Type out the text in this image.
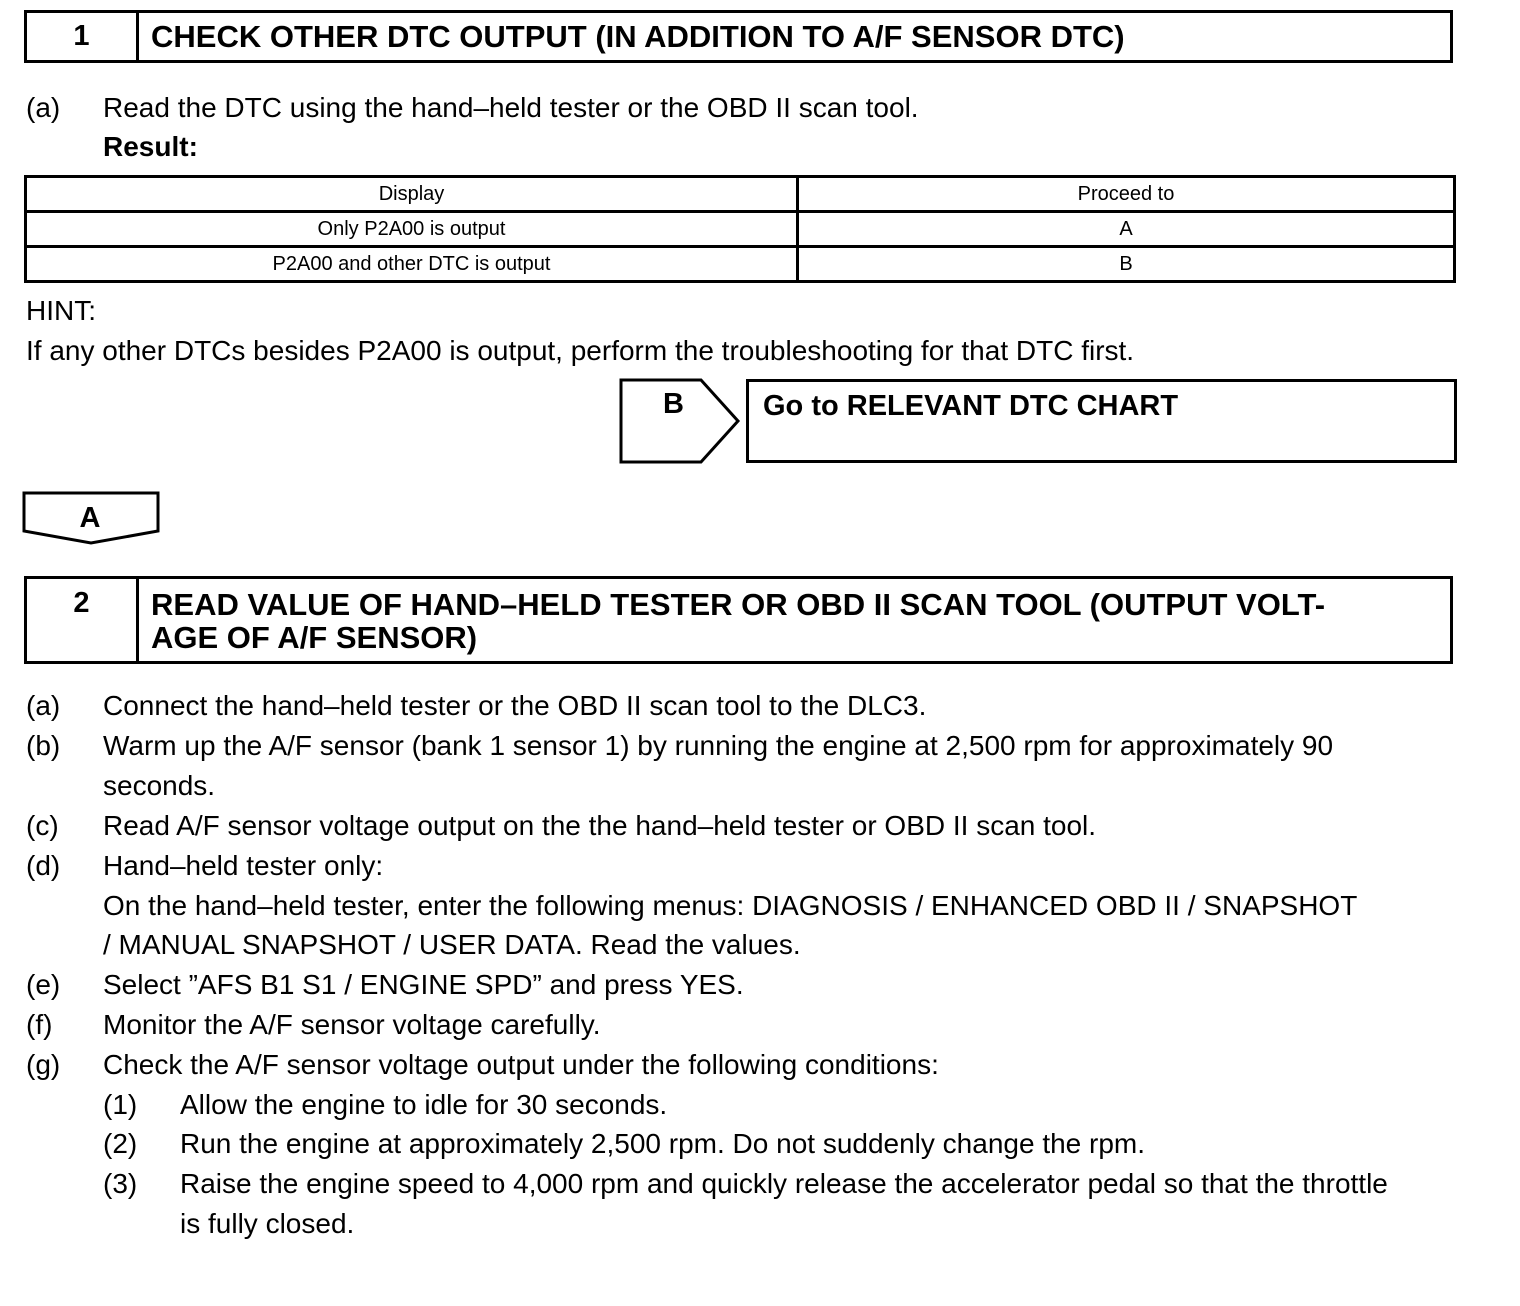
1	CHECK OTHER DTC OUTPUT (IN ADDITION TO A/F SENSOR DTC)
(a) Read the DTC using the hand–held tester or the OBD II scan tool.
Result:
Display	Proceed to
Only P2A00 is output	A
P2A00 and other DTC is output	B
HINT:
If any other DTCs besides P2A00 is output, perform the troubleshooting for that DTC first.
B	Go to RELEVANT DTC CHART
A
2	READ VALUE OF HAND–HELD TESTER OR OBD II SCAN TOOL (OUTPUT VOLT-
AGE OF A/F SENSOR)
(a) Connect the hand–held tester or the OBD II scan tool to the DLC3.
(b) Warm up the A/F sensor (bank 1 sensor 1) by running the engine at 2,500 rpm for approximately 90
seconds.
(c) Read A/F sensor voltage output on the the hand–held tester or OBD II scan tool.
(d) Hand–held tester only:
On the hand–held tester, enter the following menus: DIAGNOSIS / ENHANCED OBD II / SNAPSHOT
/ MANUAL SNAPSHOT / USER DATA. Read the values.
(e) Select ”AFS B1 S1 / ENGINE SPD” and press YES.
(f) Monitor the A/F sensor voltage carefully.
(g) Check the A/F sensor voltage output under the following conditions:
(1) Allow the engine to idle for 30 seconds.
(2) Run the engine at approximately 2,500 rpm. Do not suddenly change the rpm.
(3) Raise the engine speed to 4,000 rpm and quickly release the accelerator pedal so that the throttle
is fully closed.
